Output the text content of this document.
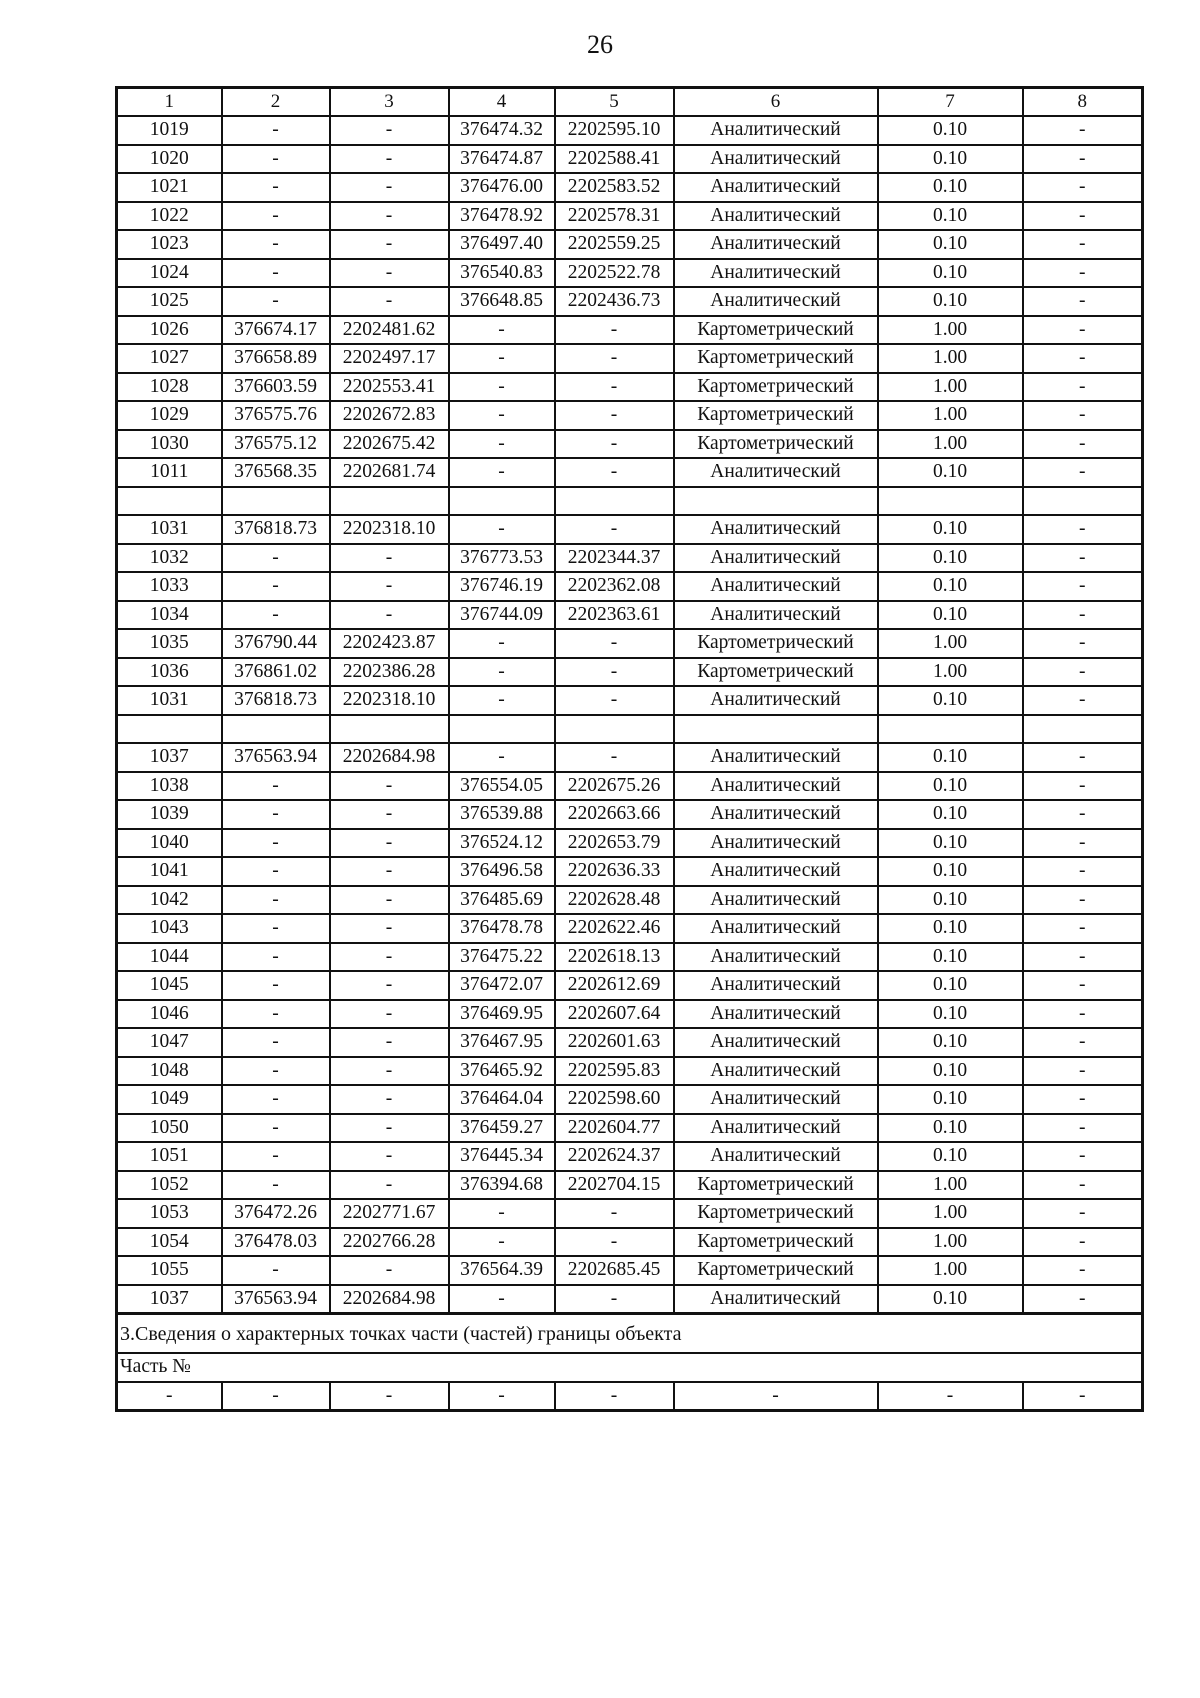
26
1	2	3	4	5	6	7	8
1019	-	-	376474.32	2202595.10	Аналитический	0.10	-
1020	-	-	376474.87	2202588.41	Аналитический	0.10	-
1021	-	-	376476.00	2202583.52	Аналитический	0.10	-
1022	-	-	376478.92	2202578.31	Аналитический	0.10	-
1023	-	-	376497.40	2202559.25	Аналитический	0.10	-
1024	-	-	376540.83	2202522.78	Аналитический	0.10	-
1025	-	-	376648.85	2202436.73	Аналитический	0.10	-
1026	376674.17	2202481.62	-	-	Картометрический	1.00	-
1027	376658.89	2202497.17	-	-	Картометрический	1.00	-
1028	376603.59	2202553.41	-	-	Картометрический	1.00	-
1029	376575.76	2202672.83	-	-	Картометрический	1.00	-
1030	376575.12	2202675.42	-	-	Картометрический	1.00	-
1011	376568.35	2202681.74	-	-	Аналитический	0.10	-

1031	376818.73	2202318.10	-	-	Аналитический	0.10	-
1032	-	-	376773.53	2202344.37	Аналитический	0.10	-
1033	-	-	376746.19	2202362.08	Аналитический	0.10	-
1034	-	-	376744.09	2202363.61	Аналитический	0.10	-
1035	376790.44	2202423.87	-	-	Картометрический	1.00	-
1036	376861.02	2202386.28	-	-	Картометрический	1.00	-
1031	376818.73	2202318.10	-	-	Аналитический	0.10	-

1037	376563.94	2202684.98	-	-	Аналитический	0.10	-
1038	-	-	376554.05	2202675.26	Аналитический	0.10	-
1039	-	-	376539.88	2202663.66	Аналитический	0.10	-
1040	-	-	376524.12	2202653.79	Аналитический	0.10	-
1041	-	-	376496.58	2202636.33	Аналитический	0.10	-
1042	-	-	376485.69	2202628.48	Аналитический	0.10	-
1043	-	-	376478.78	2202622.46	Аналитический	0.10	-
1044	-	-	376475.22	2202618.13	Аналитический	0.10	-
1045	-	-	376472.07	2202612.69	Аналитический	0.10	-
1046	-	-	376469.95	2202607.64	Аналитический	0.10	-
1047	-	-	376467.95	2202601.63	Аналитический	0.10	-
1048	-	-	376465.92	2202595.83	Аналитический	0.10	-
1049	-	-	376464.04	2202598.60	Аналитический	0.10	-
1050	-	-	376459.27	2202604.77	Аналитический	0.10	-
1051	-	-	376445.34	2202624.37	Аналитический	0.10	-
1052	-	-	376394.68	2202704.15	Картометрический	1.00	-
1053	376472.26	2202771.67	-	-	Картометрический	1.00	-
1054	376478.03	2202766.28	-	-	Картометрический	1.00	-
1055	-	-	376564.39	2202685.45	Картометрический	1.00	-
1037	376563.94	2202684.98	-	-	Аналитический	0.10	-
3.Сведения о характерных точках части (частей) границы объекта							
Часть №							
-	-	-	-	-	-	-	-
